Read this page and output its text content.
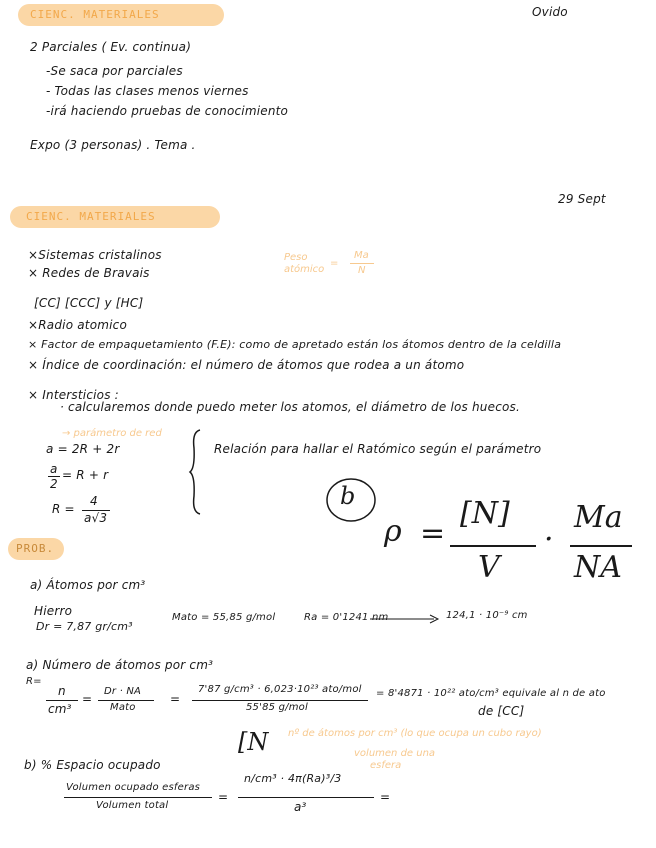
CIENC. MATERIALES	Ovido
2 Parciales ( Ev. continua)
-Se saca por parciales
- Todas las clases menos viernes
-irá haciendo pruebas de conocimiento
Expo (3 personas) . Tema .
CIENC. MATERIALES
29 Sept
×Sistemas cristalinos
× Redes de Bravais
Peso
atómico
=
Ma
N
[CC] [CCC] y [HC]
×Radio atomico
× Factor de empaquetamiento (F.E): como de apretado están los átomos dentro de la celdilla
× Índice de coordinación: el número de átomos que rodea a un átomo
× Intersticios :
· calcularemos donde puedo meter los atomos, el diámetro de los huecos.
→ parámetro de red
a = 2R + 2r
a
2
= R + r
R =
4
a√3
Relación para hallar el Ratómico según el parámetro
b
ρ =
[N]
V
·
Ma
NA
PROB.
a) Átomos por cm³
Hierro
Dr = 7,87 gr/cm³
Mato = 55,85 g/mol	Ra = 0'1241 nm	124,1 · 10⁻⁹ cm
a) Número de átomos por cm³
R=
n
cm³
=
Dr · NA
Mato
=
7'87 g/cm³ · 6,023·10²³ ato/mol
55'85 g/mol
= 8'4871 · 10²² ato/cm³ equivale al n de ato
de [CC]
b) % Espacio ocupado
[N nº de átomos por cm³ (lo que ocupa un cubo rayo)
volumen de una
esfera
Volumen ocupado esferas
Volumen total
=
n/cm³ · 4π(Ra)³/3
a³
=
